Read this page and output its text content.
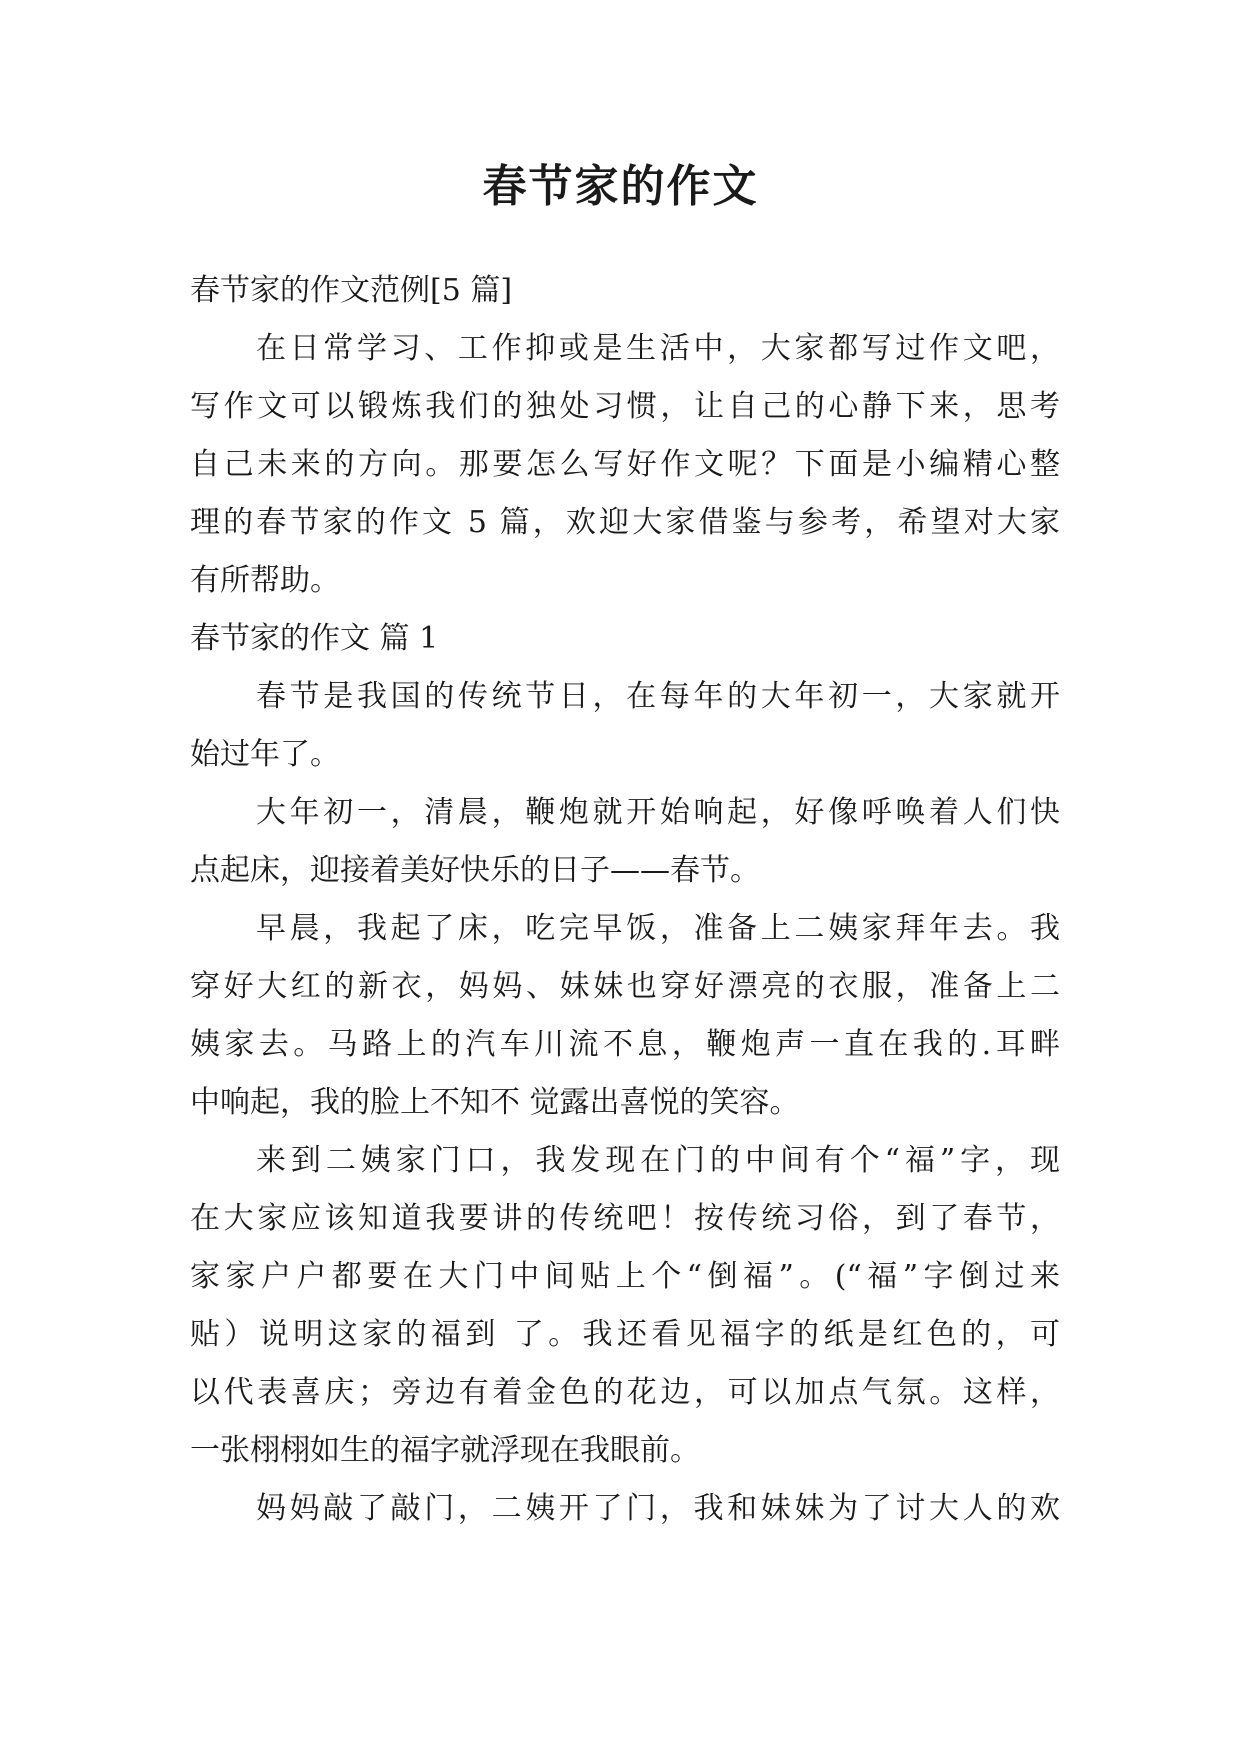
春节家的作文
春节家的作文范例[5 篇]
在日常学习、工作抑或是生活中，大家都写过作文吧，
写作文可以锻炼我们的独处习惯，让自己的心静下来，思考
自己未来的方向。那要怎么写好作文呢？下面是小编精心整
理的春节家的作文 5 篇，欢迎大家借鉴与参考，希望对大家
有所帮助。
春节家的作文 篇 1
春节是我国的传统节日，在每年的大年初一，大家就开
始过年了。
大年初一，清晨，鞭炮就开始响起，好像呼唤着人们快
点起床，迎接着美好快乐的日子——春节。
早晨，我起了床，吃完早饭，准备上二姨家拜年去。我
穿好大红的新衣，妈妈、妹妹也穿好漂亮的衣服，准备上二
姨家去。马路上的汽车川流不息，鞭炮声一直在我的.耳畔
中响起，我的脸上不知不 觉露出喜悦的笑容。
来到二姨家门口，我发现在门的中间有个“福”字，现
在大家应该知道我要讲的传统吧！按传统习俗，到了春节，
家家户户都要在大门中间贴上个“倒福”。(“福”字倒过来
贴）说明这家的福到 了。我还看见福字的纸是红色的，可
以代表喜庆；旁边有着金色的花边，可以加点气氛。这样，
一张栩栩如生的福字就浮现在我眼前。
妈妈敲了敲门，二姨开了门，我和妹妹为了讨大人的欢
